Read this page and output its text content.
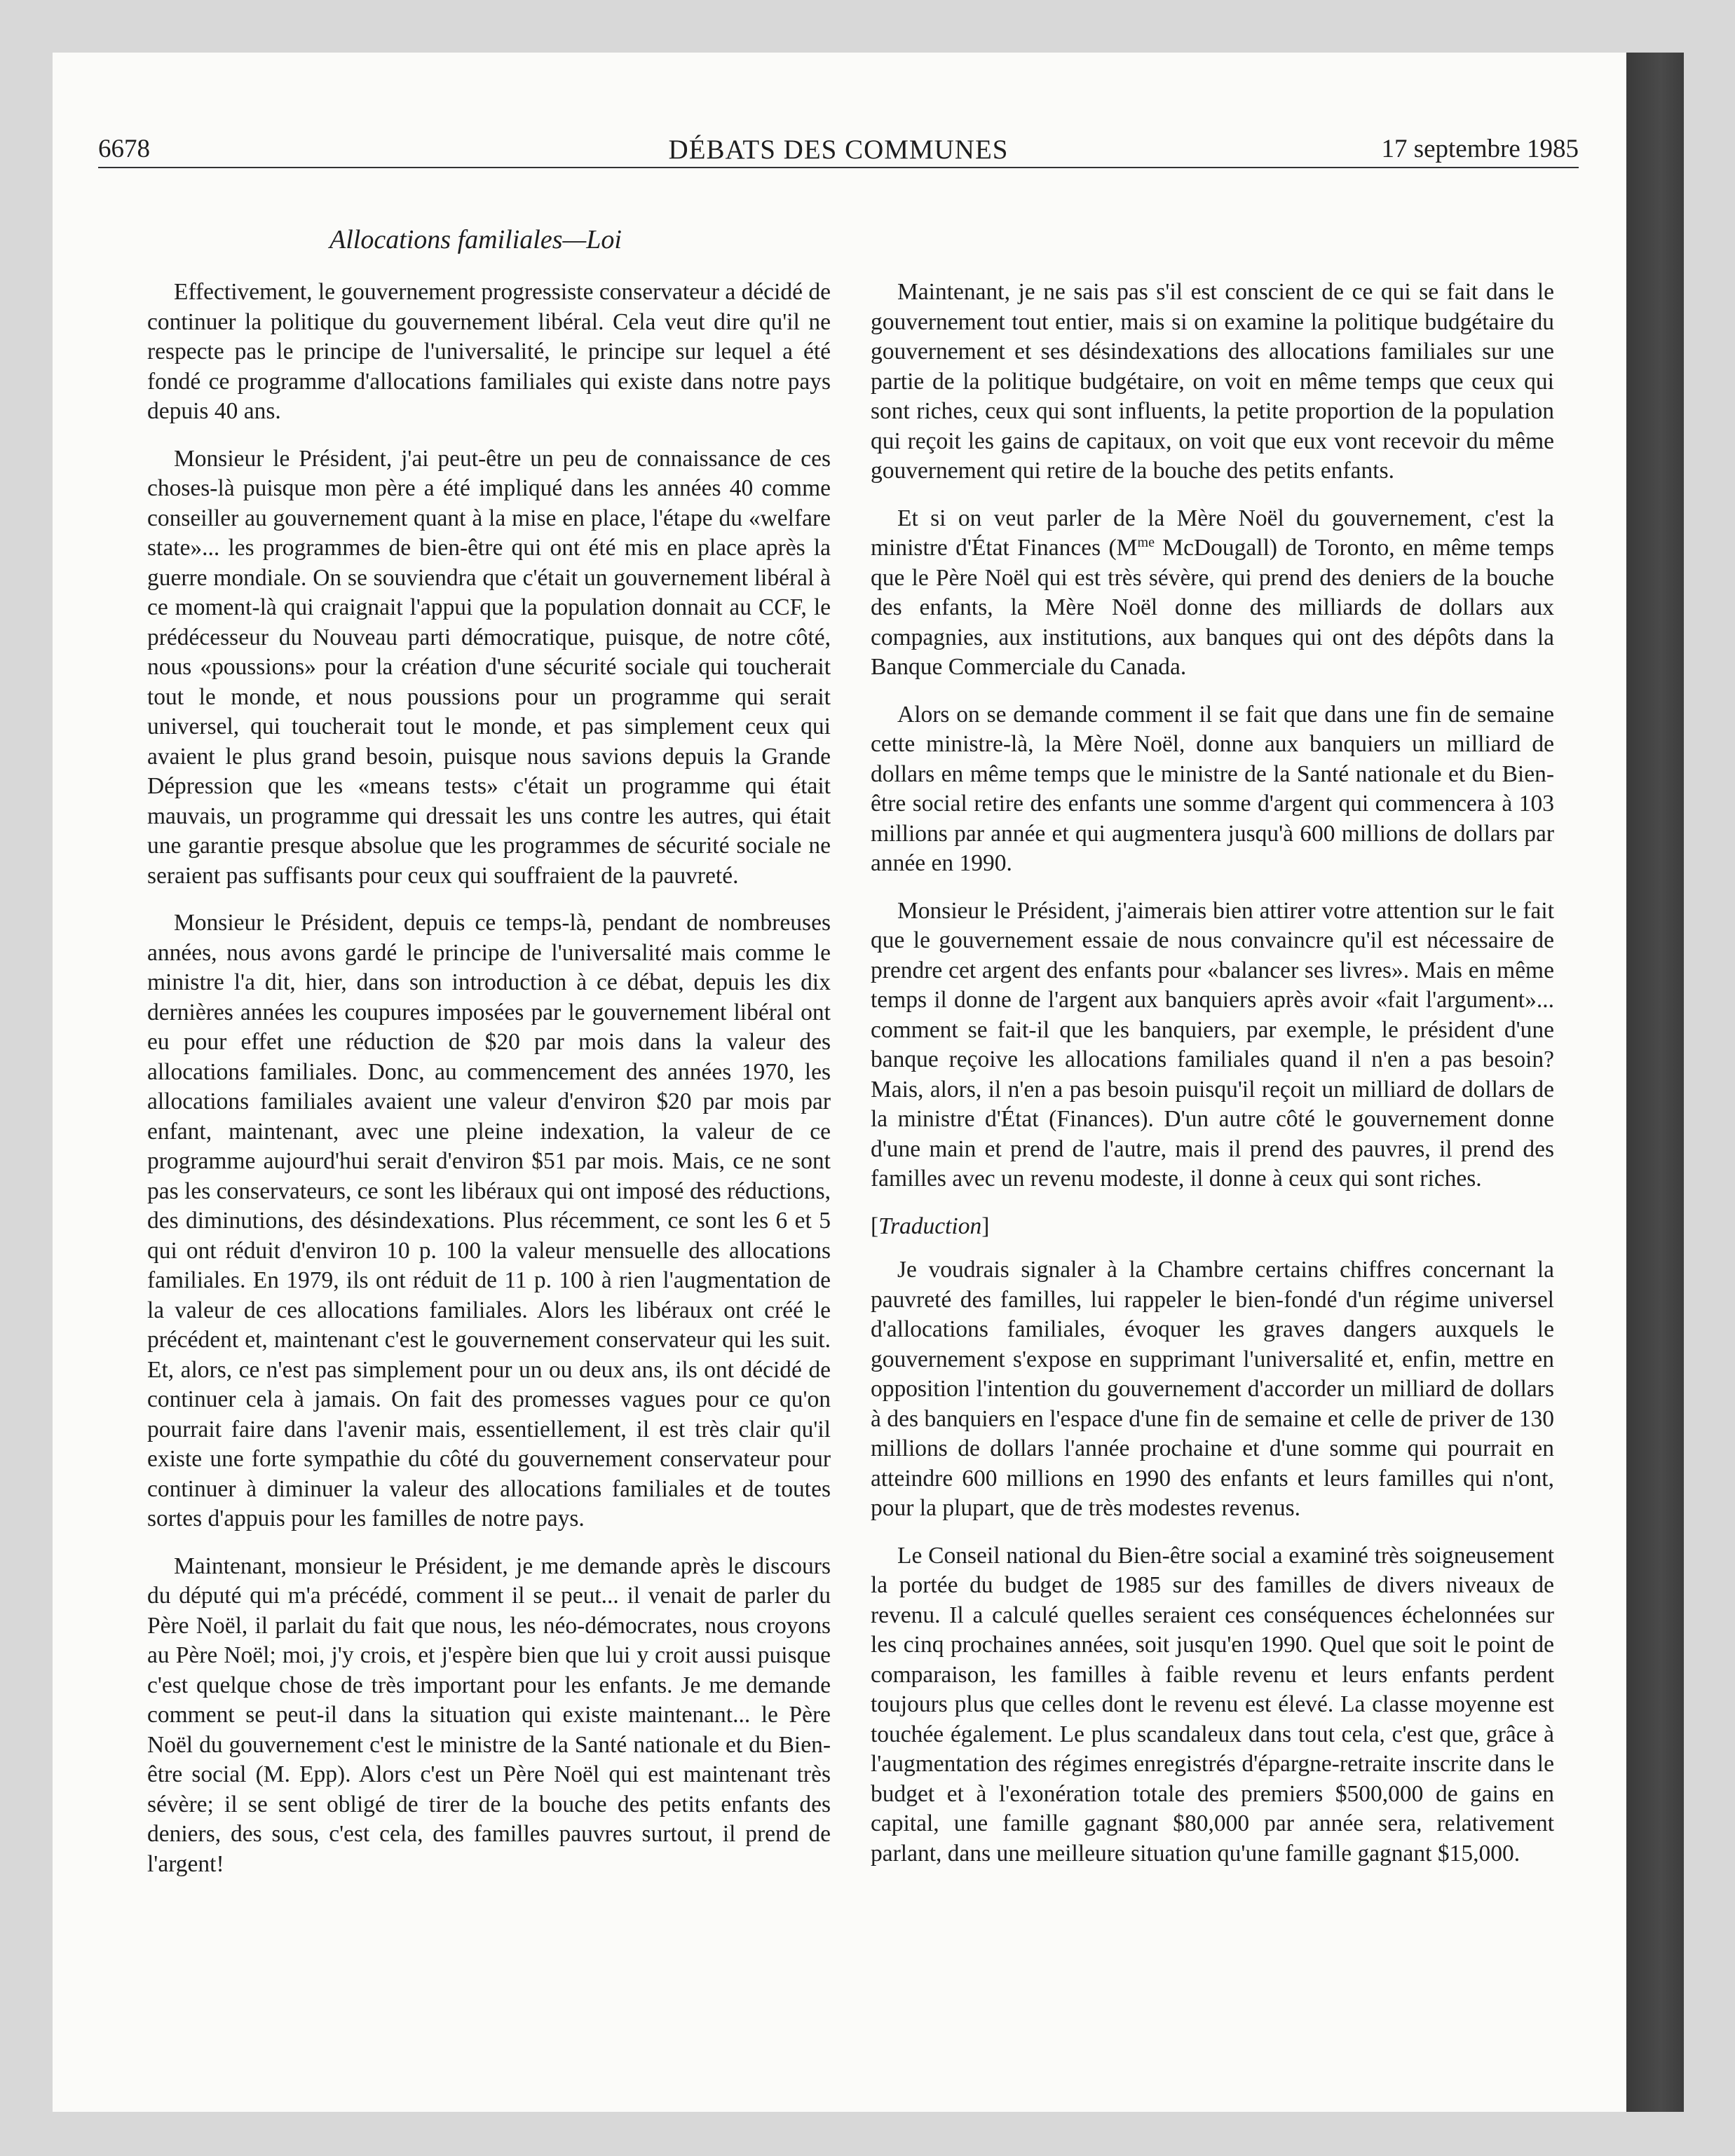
6678	DÉBATS DES COMMUNES	17 septembre 1985
Allocations familiales—Loi

Effectivement, le gouvernement progressiste conservateur a décidé de continuer la politique du gouvernement libéral. Cela veut dire qu'il ne respecte pas le principe de l'universalité, le principe sur lequel a été fondé ce programme d'allocations familiales qui existe dans notre pays depuis 40 ans.

Monsieur le Président, j'ai peut-être un peu de connaissance de ces choses-là puisque mon père a été impliqué dans les années 40 comme conseiller au gouvernement quant à la mise en place, l'étape du «welfare state»... les programmes de bien-être qui ont été mis en place après la guerre mondiale. On se souviendra que c'était un gouvernement libéral à ce moment-là qui craignait l'appui que la population donnait au CCF, le prédécesseur du Nouveau parti démocratique, puisque, de notre côté, nous «poussions» pour la création d'une sécurité sociale qui toucherait tout le monde, et nous poussions pour un programme qui serait universel, qui toucherait tout le monde, et pas simplement ceux qui avaient le plus grand besoin, puisque nous savions depuis la Grande Dépression que les «means tests» c'était un programme qui était mauvais, un programme qui dressait les uns contre les autres, qui était une garantie presque absolue que les programmes de sécurité sociale ne seraient pas suffisants pour ceux qui souffraient de la pauvreté.

Monsieur le Président, depuis ce temps-là, pendant de nombreuses années, nous avons gardé le principe de l'universalité mais comme le ministre l'a dit, hier, dans son introduction à ce débat, depuis les dix dernières années les coupures imposées par le gouvernement libéral ont eu pour effet une réduction de $20 par mois dans la valeur des allocations familiales. Donc, au commencement des années 1970, les allocations familiales avaient une valeur d'environ $20 par mois par enfant, maintenant, avec une pleine indexation, la valeur de ce programme aujourd'hui serait d'environ $51 par mois. Mais, ce ne sont pas les conservateurs, ce sont les libéraux qui ont imposé des réductions, des diminutions, des désindexations. Plus récemment, ce sont les 6 et 5 qui ont réduit d'environ 10 p. 100 la valeur mensuelle des allocations familiales. En 1979, ils ont réduit de 11 p. 100 à rien l'augmentation de la valeur de ces allocations familiales. Alors les libéraux ont créé le précédent et, maintenant c'est le gouvernement conservateur qui les suit. Et, alors, ce n'est pas simplement pour un ou deux ans, ils ont décidé de continuer cela à jamais. On fait des promesses vagues pour ce qu'on pourrait faire dans l'avenir mais, essentiellement, il est très clair qu'il existe une forte sympathie du côté du gouvernement conservateur pour continuer à diminuer la valeur des allocations familiales et de toutes sortes d'appuis pour les familles de notre pays.

Maintenant, monsieur le Président, je me demande après le discours du député qui m'a précédé, comment il se peut... il venait de parler du Père Noël, il parlait du fait que nous, les néo-démocrates, nous croyons au Père Noël; moi, j'y crois, et j'espère bien que lui y croit aussi puisque c'est quelque chose de très important pour les enfants. Je me demande comment se peut-il dans la situation qui existe maintenant... le Père Noël du gouvernement c'est le ministre de la Santé nationale et du Bien-être social (M. Epp). Alors c'est un Père Noël qui est maintenant très sévère; il se sent obligé de tirer de la bouche des petits enfants des deniers, des sous, c'est cela, des familles pauvres surtout, il prend de l'argent!

Maintenant, je ne sais pas s'il est conscient de ce qui se fait dans le gouvernement tout entier, mais si on examine la politique budgétaire du gouvernement et ses désindexations des allocations familiales sur une partie de la politique budgétaire, on voit en même temps que ceux qui sont riches, ceux qui sont influents, la petite proportion de la population qui reçoit les gains de capitaux, on voit que eux vont recevoir du même gouvernement qui retire de la bouche des petits enfants.

Et si on veut parler de la Mère Noël du gouvernement, c'est la ministre d'État Finances ($M^{me}$ McDougall) de Toronto, en même temps que le Père Noël qui est très sévère, qui prend des deniers de la bouche des enfants, la Mère Noël donne des milliards de dollars aux compagnies, aux institutions, aux banques qui ont des dépôts dans la Banque Commerciale du Canada.

Alors on se demande comment il se fait que dans une fin de semaine cette ministre-là, la Mère Noël, donne aux banquiers un milliard de dollars en même temps que le ministre de la Santé nationale et du Bien-être social retire des enfants une somme d'argent qui commencera à 103 millions par année et qui augmentera jusqu'à 600 millions de dollars par année en 1990.

Monsieur le Président, j'aimerais bien attirer votre attention sur le fait que le gouvernement essaie de nous convaincre qu'il est nécessaire de prendre cet argent des enfants pour «balancer ses livres». Mais en même temps il donne de l'argent aux banquiers après avoir «fait l'argument»... comment se fait-il que les banquiers, par exemple, le président d'une banque reçoive les allocations familiales quand il n'en a pas besoin? Mais, alors, il n'en a pas besoin puisqu'il reçoit un milliard de dollars de la ministre d'État (Finances). D'un autre côté le gouvernement donne d'une main et prend de l'autre, mais il prend des pauvres, il prend des familles avec un revenu modeste, il donne à ceux qui sont riches.

[Traduction]

Je voudrais signaler à la Chambre certains chiffres concernant la pauvreté des familles, lui rappeler le bien-fondé d'un régime universel d'allocations familiales, évoquer les graves dangers auxquels le gouvernement s'expose en supprimant l'universalité et, enfin, mettre en opposition l'intention du gouvernement d'accorder un milliard de dollars à des banquiers en l'espace d'une fin de semaine et celle de priver de 130 millions de dollars l'année prochaine et d'une somme qui pourrait en atteindre 600 millions en 1990 des enfants et leurs familles qui n'ont, pour la plupart, que de très modestes revenus.

Le Conseil national du Bien-être social a examiné très soigneusement la portée du budget de 1985 sur des familles de divers niveaux de revenu. Il a calculé quelles seraient ces conséquences échelonnées sur les cinq prochaines années, soit jusqu'en 1990. Quel que soit le point de comparaison, les familles à faible revenu et leurs enfants perdent toujours plus que celles dont le revenu est élevé. La classe moyenne est touchée également. Le plus scandaleux dans tout cela, c'est que, grâce à l'augmentation des régimes enregistrés d'épargne-retraite inscrite dans le budget et à l'exonération totale des premiers $500,000 de gains en capital, une famille gagnant $80,000 par année sera, relativement parlant, dans une meilleure situation qu'une famille gagnant $15,000.
